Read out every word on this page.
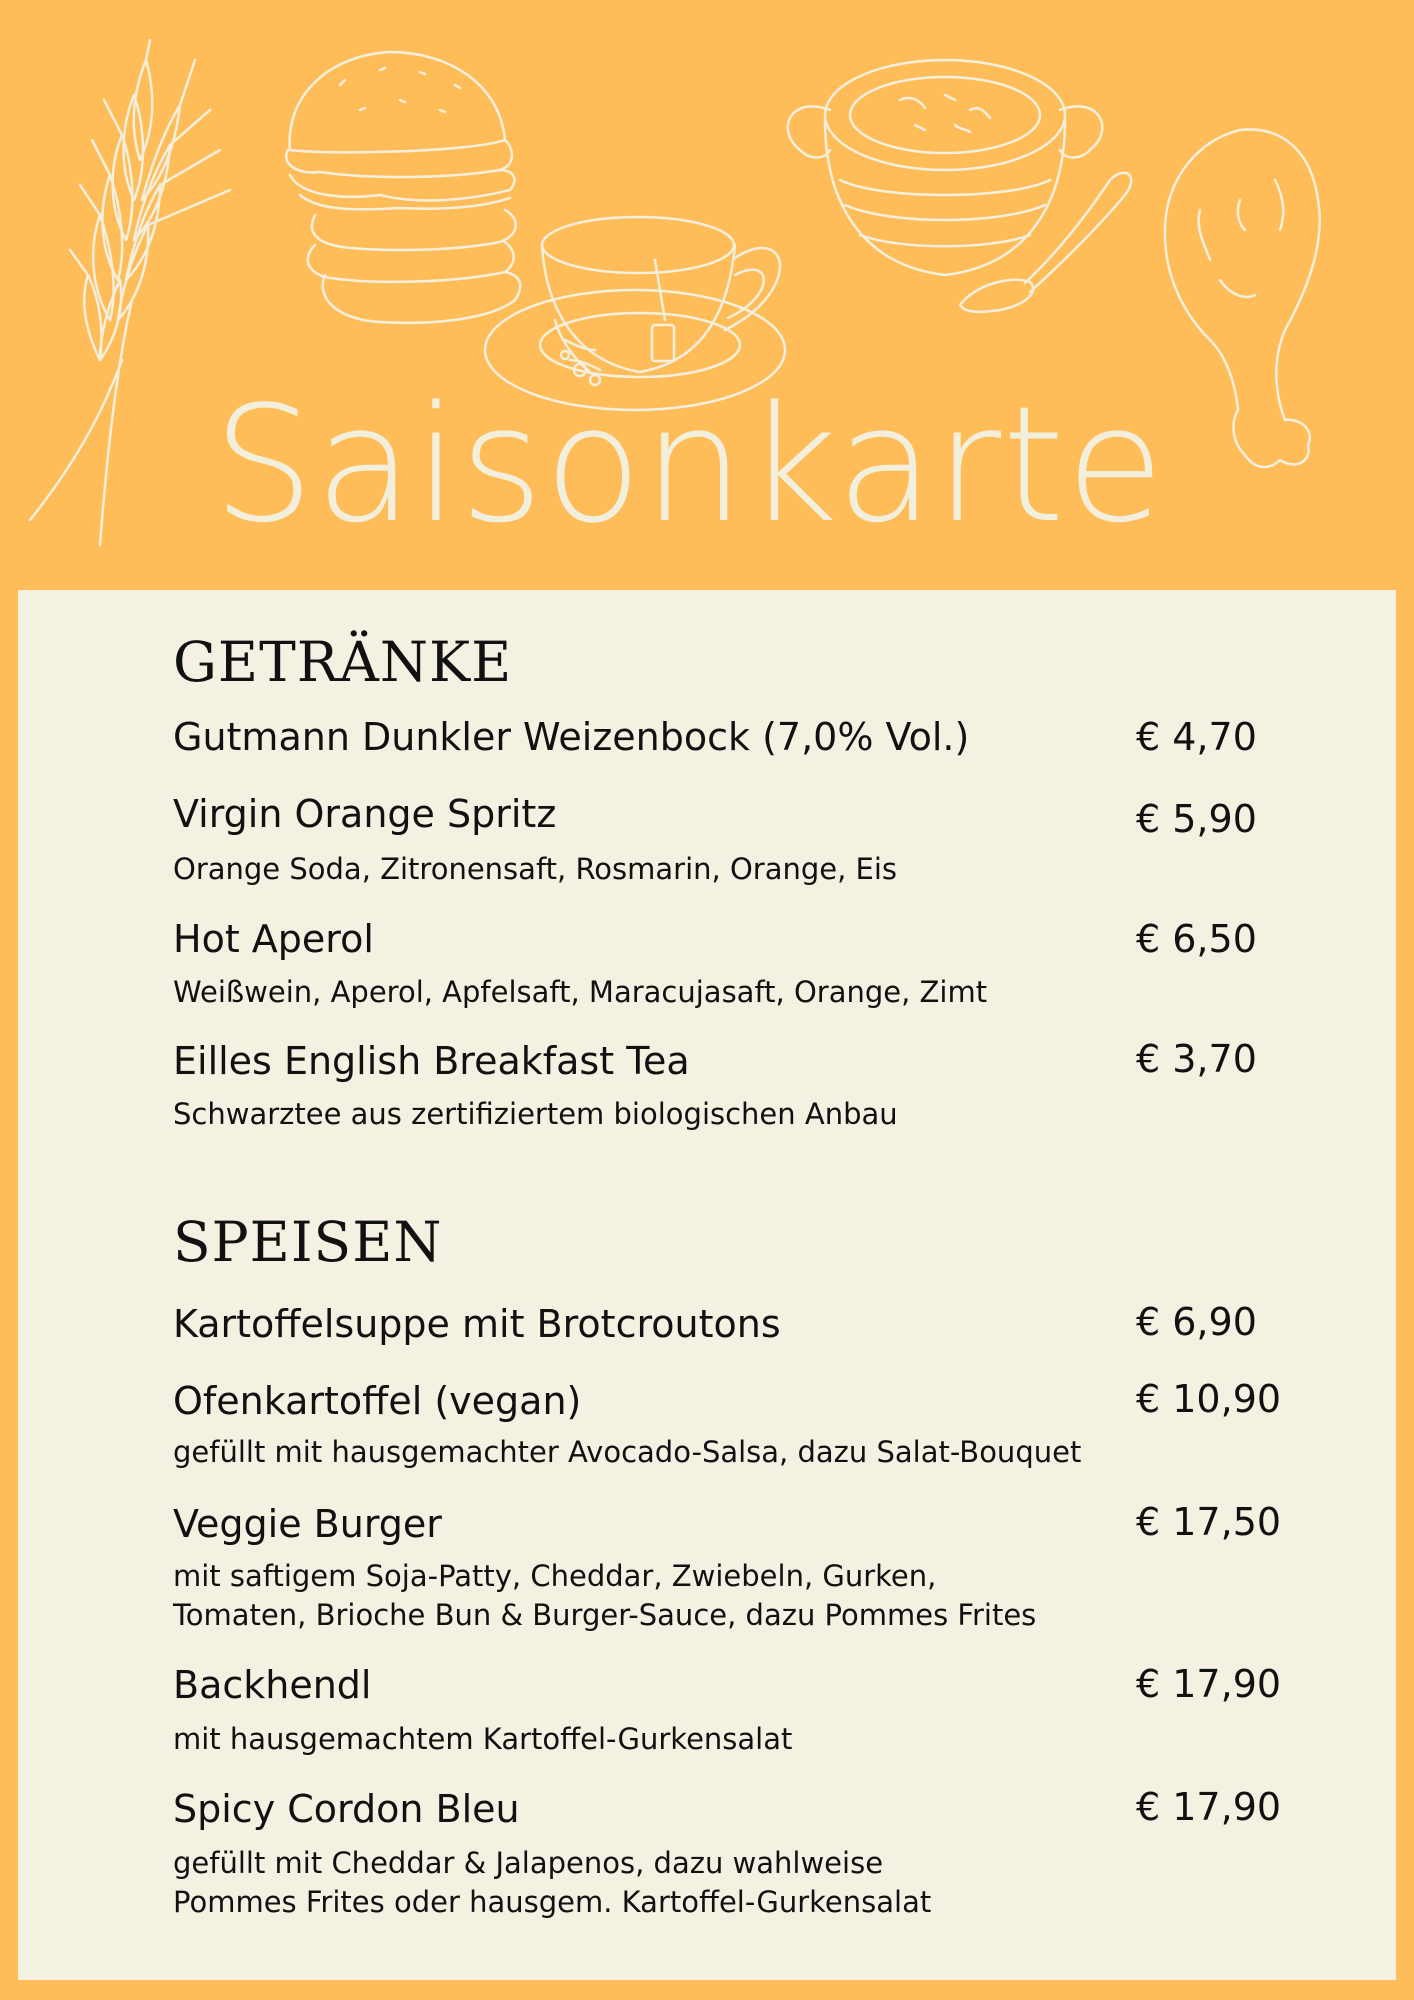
Saisonkarte
GETRÄNKE
Gutmann Dunkler Weizenbock (7,0% Vol.)	€ 4,70
Virgin Orange Spritz	€ 5,90
Orange Soda, Zitronensaft, Rosmarin, Orange, Eis
Hot Aperol	€ 6,50
Weißwein, Aperol, Apfelsaft, Maracujasaft, Orange, Zimt
Eilles English Breakfast Tea	€ 3,70
Schwarztee aus zertifiziertem biologischen Anbau
SPEISEN
Kartoffelsuppe mit Brotcroutons	€ 6,90
Ofenkartoffel (vegan)	€ 10,90
gefüllt mit hausgemachter Avocado-Salsa, dazu Salat-Bouquet
Veggie Burger	€ 17,50
mit saftigem Soja-Patty, Cheddar, Zwiebeln, Gurken,
Tomaten, Brioche Bun & Burger-Sauce, dazu Pommes Frites
Backhendl	€ 17,90
mit hausgemachtem Kartoffel-Gurkensalat
Spicy Cordon Bleu	€ 17,90
gefüllt mit Cheddar & Jalapenos, dazu wahlweise
Pommes Frites oder hausgem. Kartoffel-Gurkensalat
